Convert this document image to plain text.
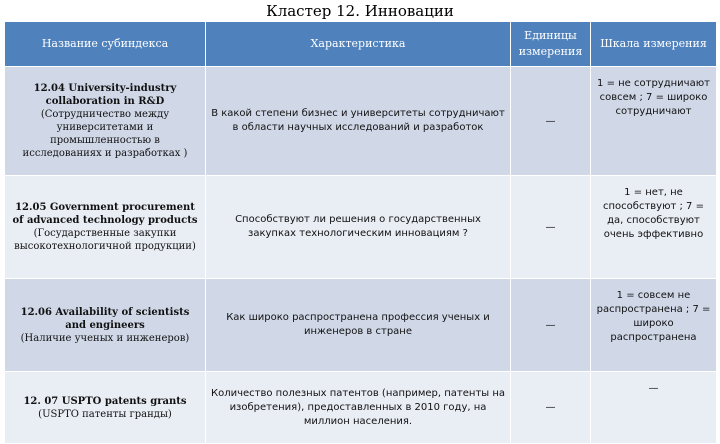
Кластер 12. Инновации
Название субиндекса	Характеристика	Единицы измерения	Шкала измерения
12.04 University-industry collaboration in R&D
(Сотрудничество между университетами и промышленностью в исследованиях и разработках )	В какой степени бизнес и университеты сотрудничают в области научных исследований и разработок	—	1 = не сотрудничают совсем ; 7 = широко сотрудничают
12.05 Government procurement of advanced technology products
(Государственные закупки высокотехнологичной продукции)	Способствуют ли решения о государственных закупках технологическим инновациям ?	—	1 = нет, не способствуют ; 7 = да, способствуют очень эффективно
12.06 Availability of scientists and engineers
(Наличие ученых и инженеров)	Как широко распространена профессия ученых и инженеров в стране	—	1 = совсем не распространена ; 7 = широко распространена
12. 07 USPTO patents grants
(USPTO патенты гранды)	Количество полезных патентов (например, патенты на изобретения), предоставленных в 2010 году, на миллион населения.	—	—
